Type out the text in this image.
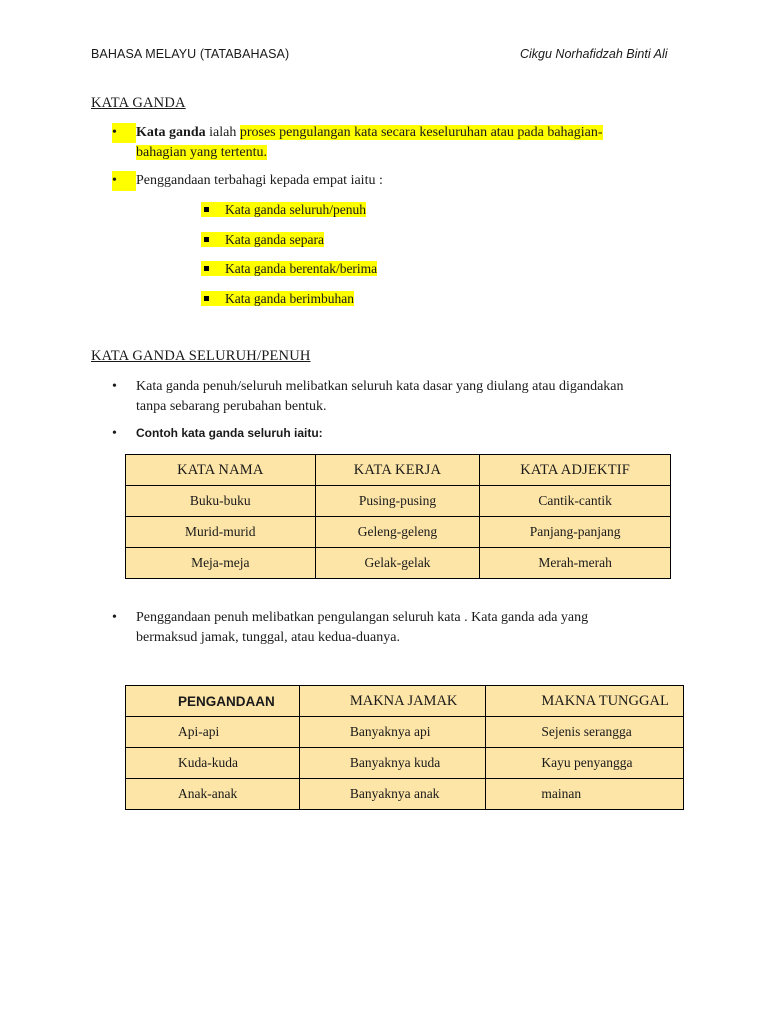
BAHASA MELAYU (TATABAHASA)	Cikgu Norhafidzah Binti Ali
KATA GANDA
•	Kata ganda ialah proses pengulangan kata secara keseluruhan atau pada bahagian-
bahagian yang tertentu.
•	Penggandaan terbahagi kepada empat iaitu :
Kata ganda seluruh/penuh
Kata ganda separa
Kata ganda berentak/berima
Kata ganda berimbuhan
KATA GANDA SELURUH/PENUH
•	Kata ganda penuh/seluruh melibatkan seluruh kata dasar yang diulang atau digandakan
tanpa sebarang perubahan bentuk.
•	Contoh kata ganda seluruh iaitu:
KATA NAMA	KATA KERJA	KATA ADJEKTIF
Buku-buku	Pusing-pusing	Cantik-cantik
Murid-murid	Geleng-geleng	Panjang-panjang
Meja-meja	Gelak-gelak	Merah-merah
•	Penggandaan penuh melibatkan pengulangan seluruh kata . Kata ganda ada yang
bermaksud jamak, tunggal, atau kedua-duanya.
PENGANDAAN	MAKNA JAMAK	MAKNA TUNGGAL
Api-api	Banyaknya api	Sejenis serangga
Kuda-kuda	Banyaknya kuda	Kayu penyangga
Anak-anak	Banyaknya anak	mainan
